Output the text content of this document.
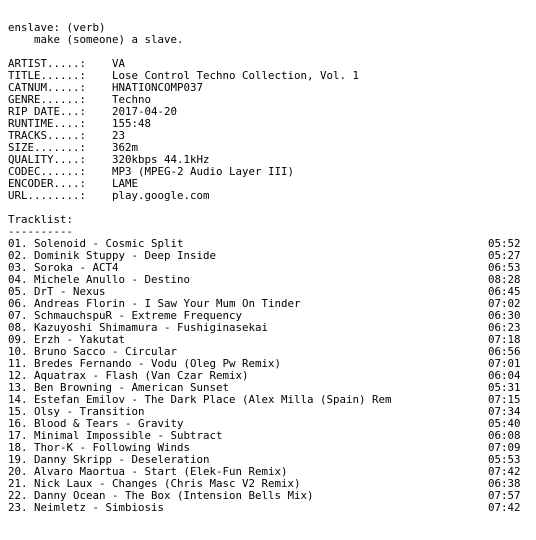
enslave: (verb)
make (someone) a slave.
ARTIST.....:	VA
TITLE......:	Lose Control Techno Collection, Vol. 1
CATNUM.....:	HNATIONCOMP037
GENRE......:	Techno
RIP DATE...:	2017-04-20
RUNTIME....:	155:48
TRACKS.....:	23
SIZE.......:	362m
QUALITY....:	320kbps 44.1kHz
CODEC......:	MP3 (MPEG-2 Audio Layer III)
ENCODER....:	LAME
URL........:	play.google.com
Tracklist:
----------
01. Solenoid - Cosmic Split	05:52
02. Dominik Stuppy - Deep Inside	05:27
03. Soroka - ACT4	06:53
04. Michele Anullo - Destino	08:28
05. DrT - Nexus	06:45
06. Andreas Florin - I Saw Your Mum On Tinder	07:02
07. SchmauchspuR - Extreme Frequency	06:30
08. Kazuyoshi Shimamura - Fushiginasekai	06:23
09. Erzh - Yakutat	07:18
10. Bruno Sacco - Circular	06:56
11. Bredes Fernando - Vodu (Oleg Pw Remix)	07:01
12. Aquatrax - Flash (Van Czar Remix)	06:04
13. Ben Browning - American Sunset	05:31
14. Estefan Emilov - The Dark Place (Alex Milla (Spain) Rem	07:15
15. Olsy - Transition	07:34
16. Blood & Tears - Gravity	05:40
17. Minimal Impossible - Subtract	06:08
18. Thor-K - Following Winds	07:09
19. Danny Skripp - Deseleration	05:53
20. Alvaro Maortua - Start (Elek-Fun Remix)	07:42
21. Nick Laux - Changes (Chris Masc V2 Remix)	06:38
22. Danny Ocean - The Box (Intension Bells Mix)	07:57
23. Neimletz - Simbiosis	07:42
